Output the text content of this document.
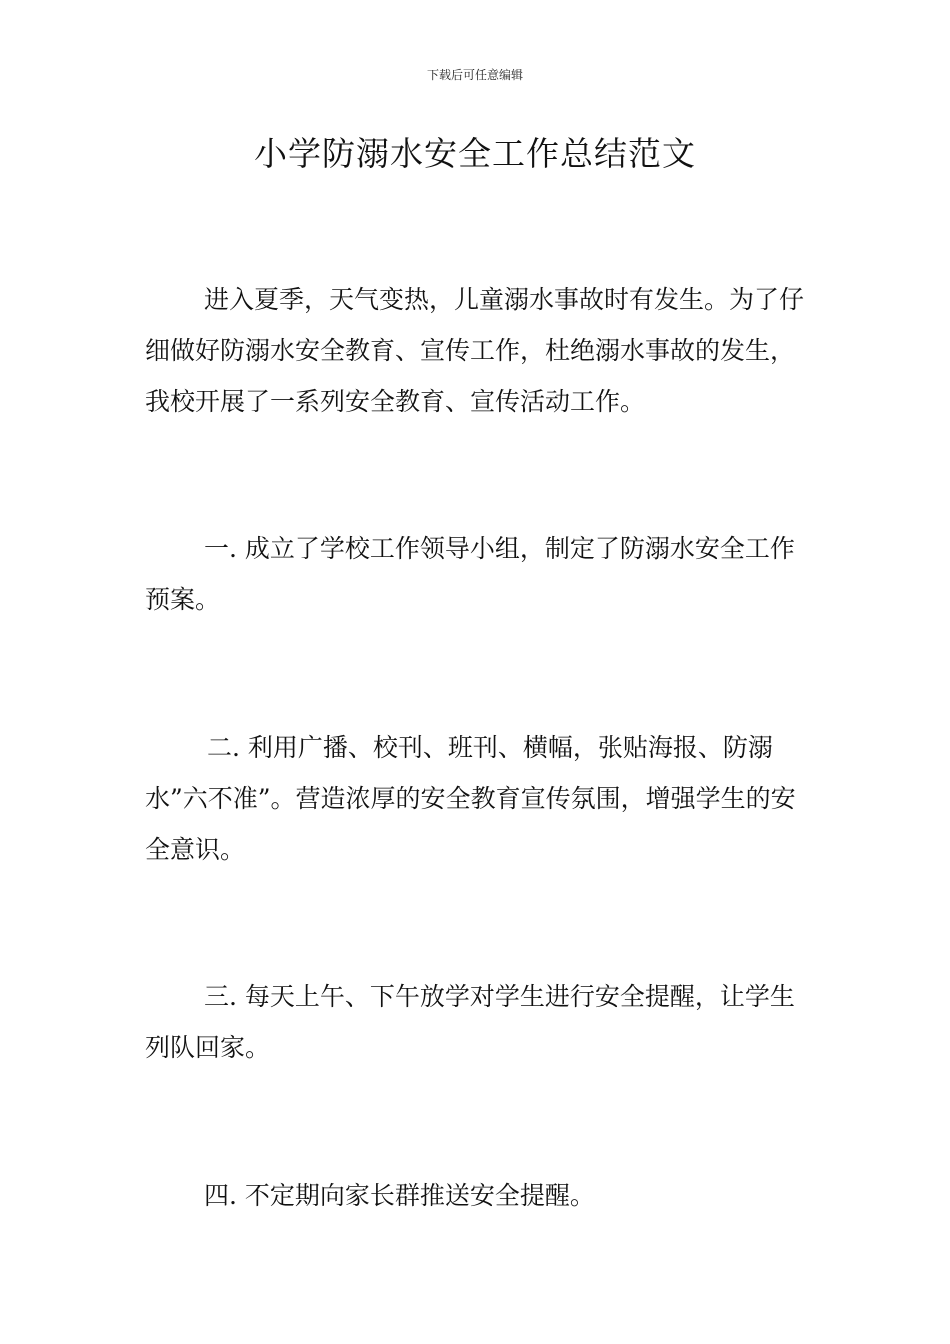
下载后可任意编辑
小学防溺水安全工作总结范文

进入夏季，天气变热，儿童溺水事故时有发生。为了仔细做好防溺水安全教育、宣传工作，杜绝溺水事故的发生，我校开展了一系列安全教育、宣传活动工作。

一. 成立了学校工作领导小组，制定了防溺水安全工作预案。

二. 利用广播、校刊、班刊、横幅，张贴海报、防溺水”六不准”。营造浓厚的安全教育宣传氛围，增强学生的安全意识。

三. 每天上午、下午放学对学生进行安全提醒，让学生列队回家。

四. 不定期向家长群推送安全提醒。
